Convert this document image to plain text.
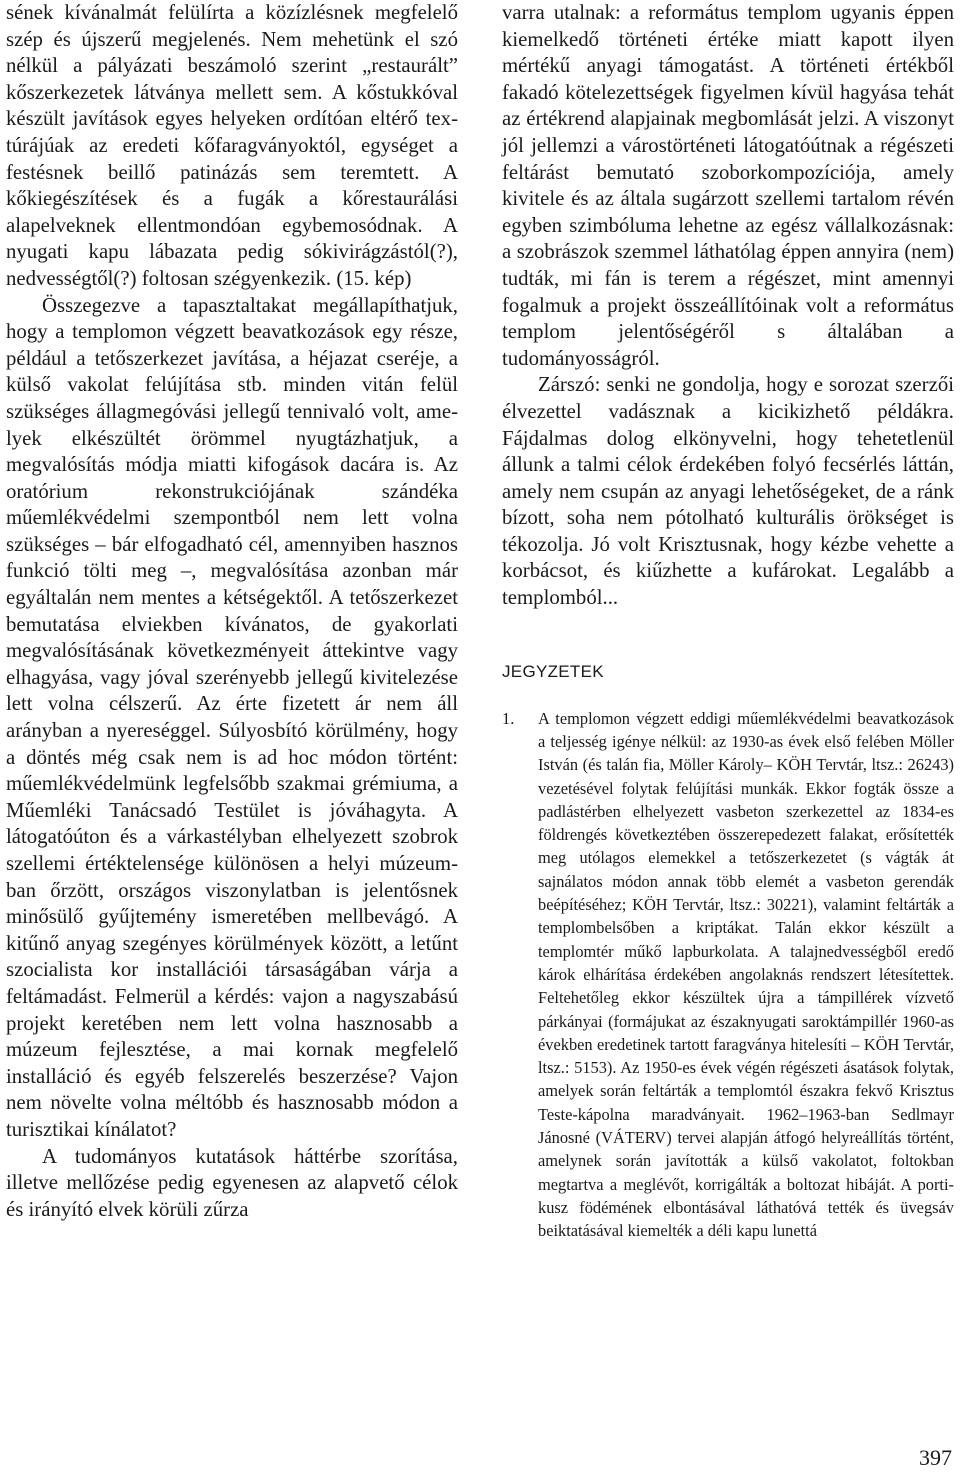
sének kívánalmát felülírta a közízlésnek megfelelő szép és újszerű megjelenés. Nem mehetünk el szó nélkül a pályázati beszámoló szerint „restaurált” kőszerkezetek látványa mellett sem. A kőstukkóval készült javítások egyes helyeken ordítóan eltérő textúrájúak az eredeti kőfaragványoktól, egységet a festésnek beillő patinázás sem teremtett. A kőkiegészítések és a fugák a kőrestaurálási alapelveknek ellentmondóan egybemosódnak. A nyugati kapu lábazata pedig sókivirágzástól(?), nedvességtől(?) foltosan szégyenkezik. (15. kép)

Összegezve a tapasztaltakat megállapíthatjuk, hogy a templomon végzett beavatkozások egy része, például a tetőszerkezet javítása, a héjazat cseréje, a külső vakolat felújítása stb. minden vitán felül szükséges állagmegóvási jellegű tennivaló volt, amelyek elkészültét örömmel nyugtázhatjuk, a megvalósítás módja miatti kifogások dacára is. Az oratórium rekonstrukciójának szándéka műemlékvédelmi szempontból nem lett volna szükséges – bár elfogadható cél, amennyiben hasznos funkció tölti meg –, megvalósítása azonban már egyáltalán nem mentes a kétségektől. A tetőszerkezet bemutatása elviekben kívánatos, de gyakorlati megvalósításának következményeit áttekintve vagy elhagyása, vagy jóval szerényebb jellegű kivitelezése lett volna célszerű. Az érte fizetett ár nem áll arányban a nyereséggel. Súlyosbító körülmény, hogy a döntés még csak nem is ad hoc módon történt: műemlékvédelmünk legfelsőbb szakmai grémiuma, a Műemléki Tanácsadó Testület is jóváhagyta. A látogatóúton és a várkastélyban elhelyezett szobrok szellemi értéktelensége különösen a helyi múzeumban őrzött, országos viszonylatban is jelentősnek minősülő gyűjtemény ismeretében mellbevágó. A kitűnő anyag szegényes körülmények között, a letűnt szocialista kor installációi társaságában várja a feltámadást. Felmerül a kérdés: vajon a nagyszabású projekt keretében nem lett volna hasznosabb a múzeum fejlesztése, a mai kornak megfelelő installáció és egyéb felszerelés beszerzése? Vajon nem növelte volna méltóbb és hasznosabb módon a turisztikai kínálatot?

A tudományos kutatások háttérbe szorítása, illetve mellőzése pedig egyenesen az alapvető célok és irányító elvek körüli zűrza

varra utalnak: a református templom ugyanis éppen kiemelkedő történeti értéke miatt kapott ilyen mértékű anyagi támogatást. A történeti értékből fakadó kötelezettségek figyelmen kívül hagyása tehát az értékrend alapjainak megbomlását jelzi. A viszonyt jól jellemzi a várostörténeti látogatóútnak a régészeti feltárást bemutató szoborkompozíciója, amely kivitele és az általa sugárzott szellemi tartalom révén egyben szimbóluma lehetne az egész vállalkozásnak: a szobrászok szemmel láthatólag éppen annyira (nem) tudták, mi fán is terem a régészet, mint amennyi fogalmuk a projekt összeállítóinak volt a református templom jelentőségéről s általában a tudományosságról.

Zárszó: senki ne gondolja, hogy e sorozat szerzői élvezettel vadásznak a kicikizhető példákra. Fájdalmas dolog elkönyvelni, hogy tehetetlenül állunk a talmi célok érdekében folyó fecsérlés láttán, amely nem csupán az anyagi lehetőségeket, de a ránk bízott, soha nem pótolható kulturális örökséget is tékozolja. Jó volt Krisztusnak, hogy kézbe vehette a korbácsot, és kiűzhette a kufárokat. Legalább a templomból...

JEGYZETEK
1.	A templomon végzett eddigi műemlékvédelmi beavatkozások a teljesség igénye nélkül: az 1930-as évek első felében Möller István (és talán fia, Möller Károly– KÖH Tervtár, ltsz.: 26243) vezetésével folytak felújítási munkák. Ekkor fogták össze a padlástérben elhelyezett vasbeton szerkezettel az 1834-es földrengés következtében összerepedezett falakat, erősítették meg utólagos elemekkel a tetőszerkezetet (s vágták át sajnálatos módon annak több elemét a vasbeton gerendák beépítéséhez; KÖH Tervtár, ltsz.: 30221), valamint feltárták a templombelsőben a kriptákat. Talán ekkor készült a templomtér műkő lapburkolata. A talajnedvességből eredő károk elhárítása érdekében angolaknás rendszert létesítettek. Feltehetőleg ekkor készültek újra a támpillérek vízvető párkányai (formájukat az északnyugati saroktámpillér 1960-as években eredetinek tartott faragványa hitelesíti – KÖH Tervtár, ltsz.: 5153). Az 1950-es évek végén régészeti ásatások folytak, amelyek során feltárták a templomtól északra fekvő Krisztus Teste-kápolna maradványait. 1962–1963-ban Sedlmayr Jánosné (VÁTERV) tervei alapján átfogó helyreállítás történt, amelynek során javították a külső vakolatot, foltokban megtartva a meglévőt, korrigálták a boltozat hibáját. A portikusz födémének elbontásával láthatóvá tették és üvegsáv beiktatásával kiemelték a déli kapu lunettá

397
